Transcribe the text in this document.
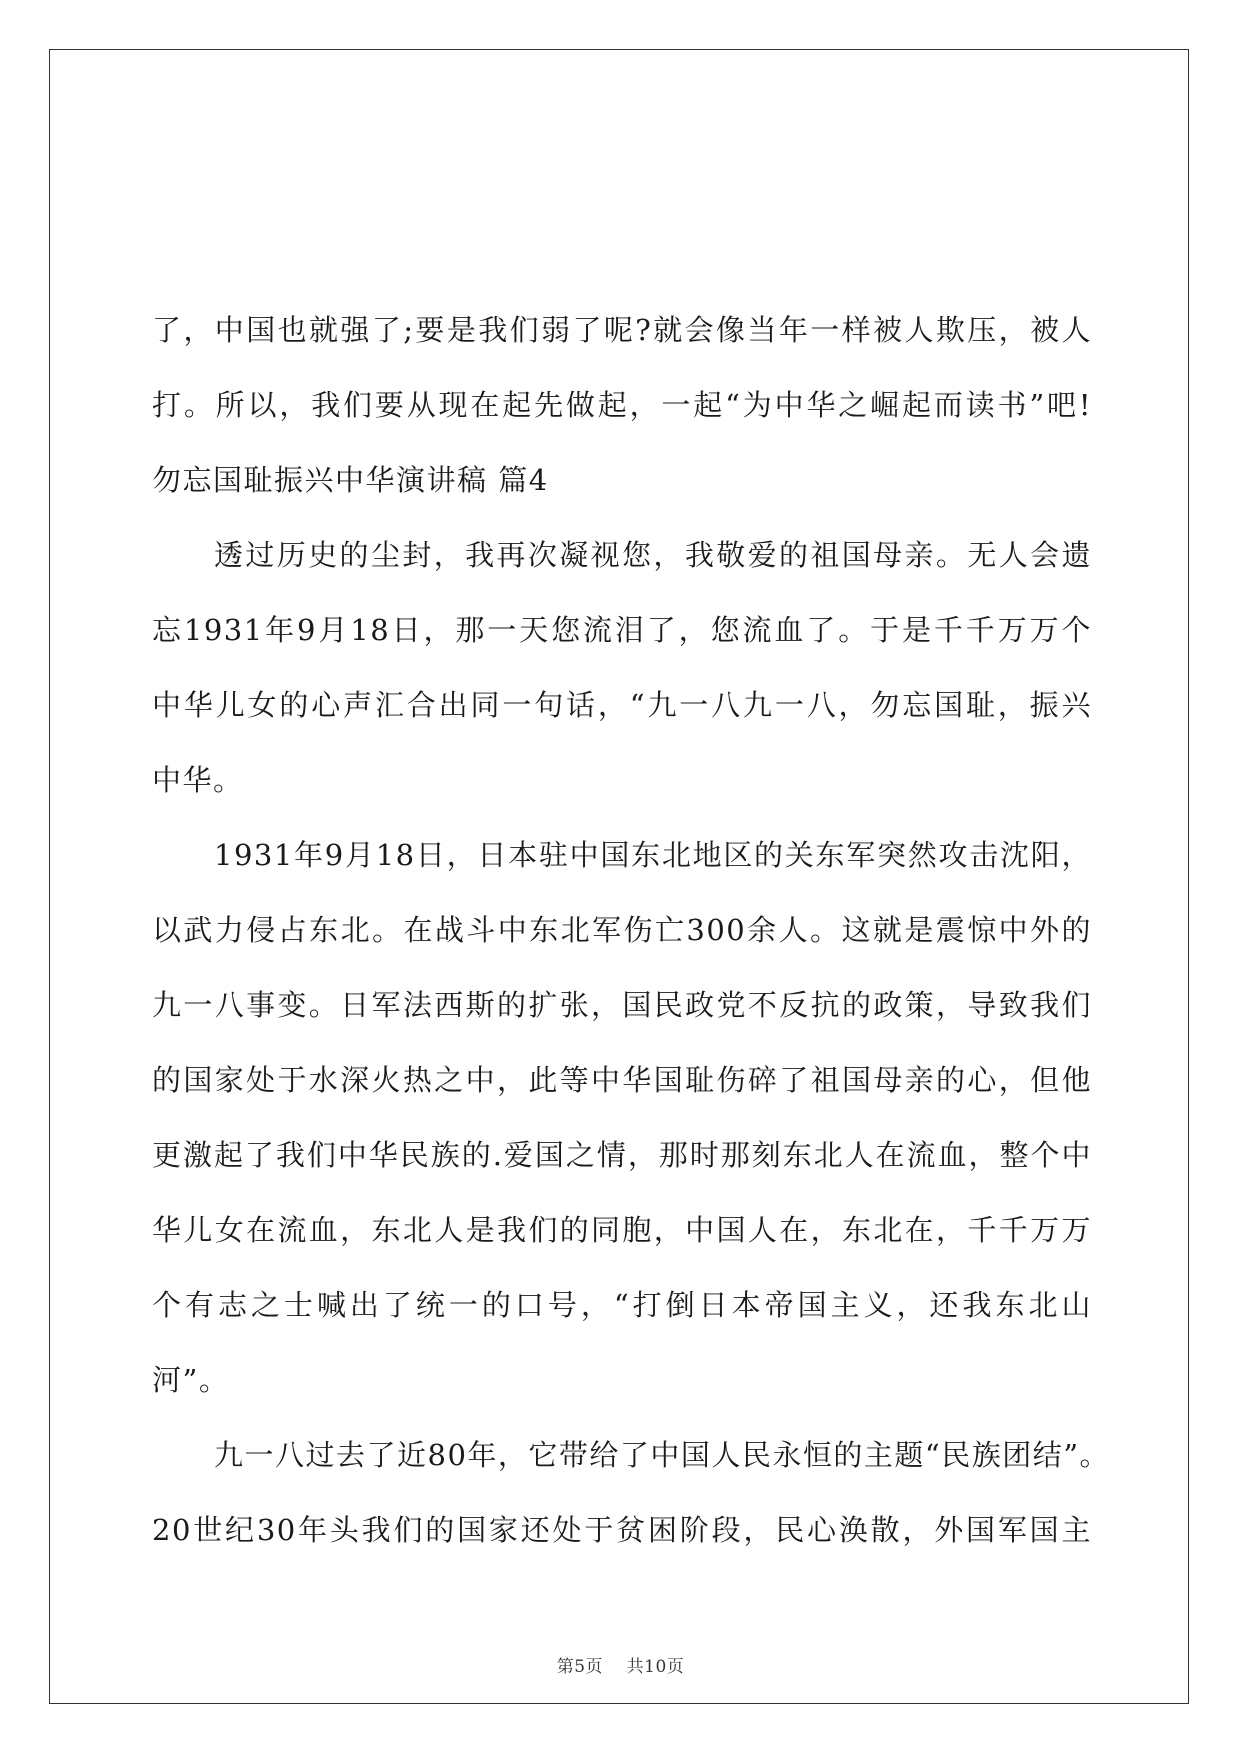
了，中国也就强了;要是我们弱了呢?就会像当年一样被人欺压，被人
打。所以，我们要从现在起先做起，一起“为中华之崛起而读书”吧!
勿忘国耻振兴中华演讲稿 篇4
透过历史的尘封，我再次凝视您，我敬爱的祖国母亲。无人会遗
忘1931年9月18日，那一天您流泪了，您流血了。于是千千万万个
中华儿女的心声汇合出同一句话，“九一八九一八，勿忘国耻，振兴
中华。
1931年9月18日，日本驻中国东北地区的关东军突然攻击沈阳，
以武力侵占东北。在战斗中东北军伤亡300余人。这就是震惊中外的
九一八事变。日军法西斯的扩张，国民政党不反抗的政策，导致我们
的国家处于水深火热之中，此等中华国耻伤碎了祖国母亲的心，但他
更激起了我们中华民族的.爱国之情，那时那刻东北人在流血，整个中
华儿女在流血，东北人是我们的同胞，中国人在，东北在，千千万万
个有志之士喊出了统一的口号，“打倒日本帝国主义，还我东北山
河”。
九一八过去了近80年，它带给了中国人民永恒的主题“民族团结”。
20世纪30年头我们的国家还处于贫困阶段，民心涣散，外国军国主
第5页    共10页
